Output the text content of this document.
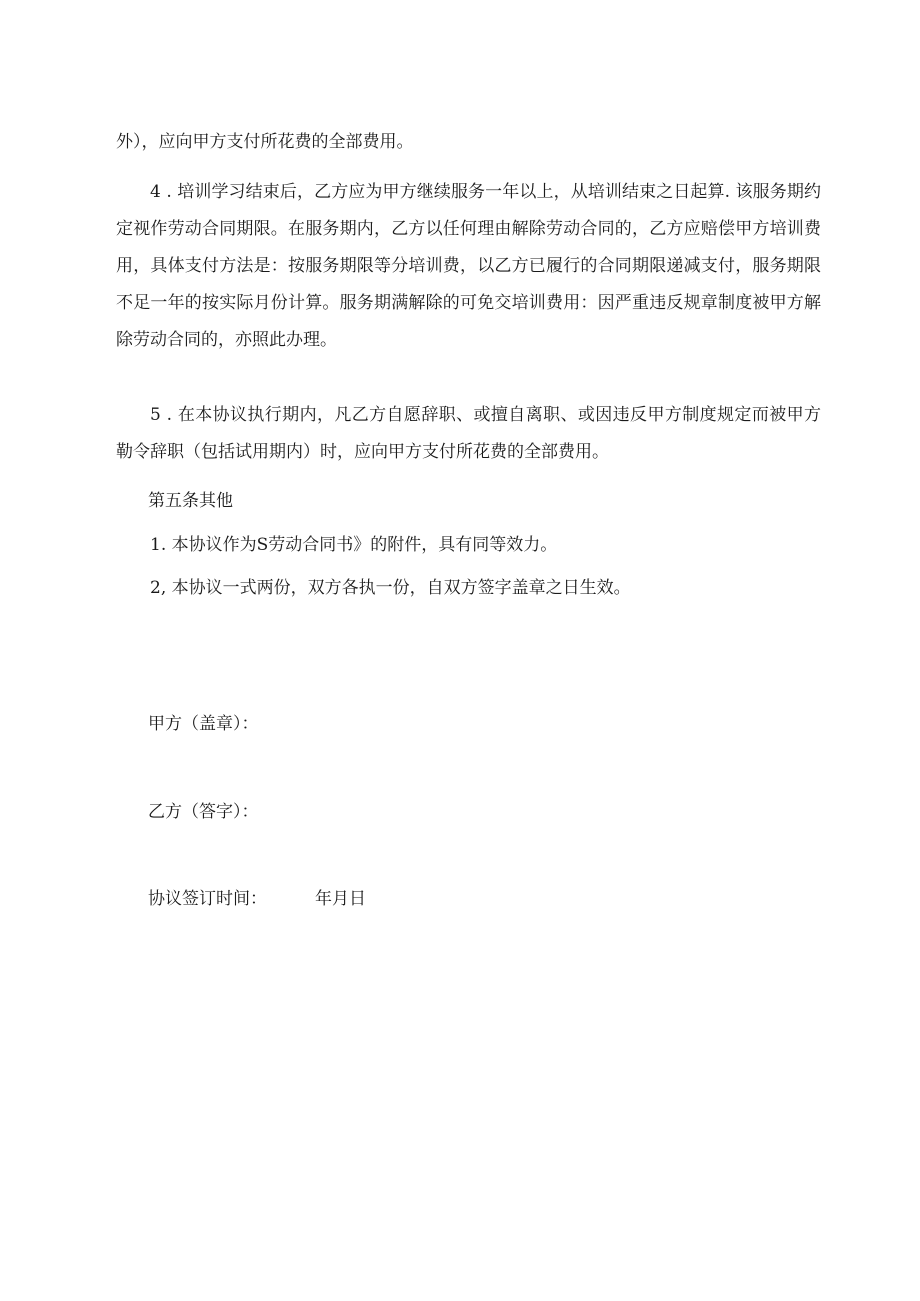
外），应向甲方支付所花费的全部费用。

4 . 培训学习结束后，乙方应为甲方继续服务一年以上，从培训结束之日起算. 该服务期约定视作劳动合同期限。在服务期内，乙方以任何理由解除劳动合同的，乙方应赔偿甲方培训费用，具体支付方法是：按服务期限等分培训费，以乙方已履行的合同期限递减支付，服务期限不足一年的按实际月份计算。服务期满解除的可免交培训费用：因严重违反规章制度被甲方解除劳动合同的，亦照此办理。

5 . 在本协议执行期内，凡乙方自愿辞职、或擅自离职、或因违反甲方制度规定而被甲方勒令辞职（包括试用期内）时，应向甲方支付所花费的全部费用。

第五条其他

1. 本协议作为S劳动合同书》的附件，具有同等效力。

2, 本协议一式两份，双方各执一份，自双方签字盖章之日生效。

甲方（盖章）：

乙方（答字）：

协议签订时间：	年月日
